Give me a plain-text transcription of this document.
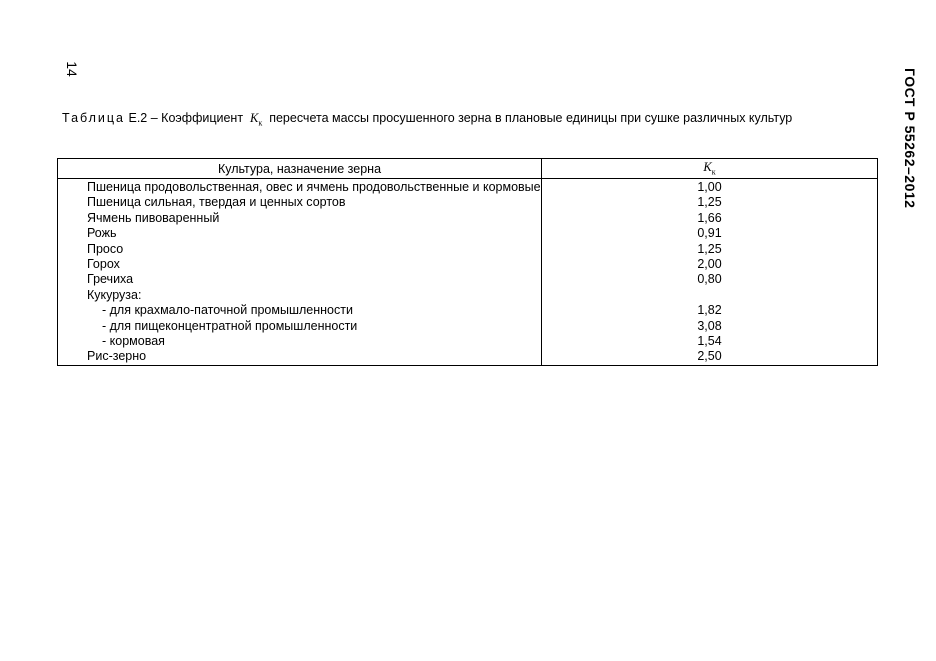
14	ГОСТ Р 55262–2012
Таблица Е.2 – Коэффициент $K_к$ пересчета массы просушенного зерна в плановые единицы при сушке различных культур
Культура, назначение зерна	$K_к$
Пшеница продовольственная, овес и ячмень продовольственные и кормовые	1,00
Пшеница сильная, твердая и ценных сортов	1,25
Ячмень пивоваренный	1,66
Рожь	0,91
Просо	1,25
Горох	2,00
Гречиха	0,80
Кукуруза:	
- для крахмало-паточной промышленности	1,82
- для пищеконцентратной промышленности	3,08
- кормовая	1,54
Рис-зерно	2,50
